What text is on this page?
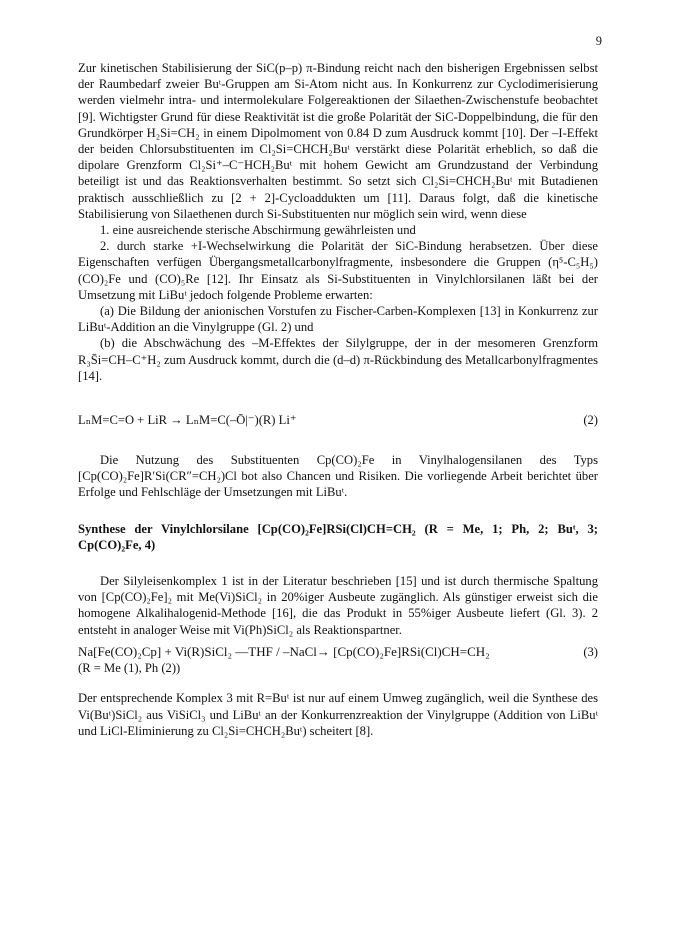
9

Zur kinetischen Stabilisierung der SiC(p–p) π-Bindung reicht nach den bisherigen Ergebnissen selbst der Raumbedarf zweier Buᵗ-Gruppen am Si-Atom nicht aus. In Konkurrenz zur Cyclodimerisierung werden vielmehr intra- und intermolekulare Folgereaktionen der Silaethen-Zwischenstufe beobachtet [9]. Wichtigster Grund für diese Reaktivität ist die große Polarität der SiC-Doppelbindung, die für den Grundkörper H₂Si=CH₂ in einem Dipolmoment von 0.84 D zum Ausdruck kommt [10]. Der –I-Effekt der beiden Chlorsubstituenten im Cl₂Si=CHCH₂Buᵗ verstärkt diese Polarität erheblich, so daß die dipolare Grenzform Cl₂Si⁺–C⁻HCH₂Buᵗ mit hohem Gewicht am Grundzustand der Verbindung beteiligt ist und das Reaktionsverhalten bestimmt. So setzt sich Cl₂Si=CHCH₂Buᵗ mit Butadienen praktisch ausschließlich zu [2 + 2]-Cycloaddukten um [11]. Daraus folgt, daß die kinetische Stabilisierung von Silaethenen durch Si-Substituenten nur möglich sein wird, wenn diese

1. eine ausreichende sterische Abschirmung gewährleisten und

2. durch starke +I-Wechselwirkung die Polarität der SiC-Bindung herabsetzen. Über diese Eigenschaften verfügen Übergangsmetallcarbonylfragmente, insbesondere die Gruppen (η⁵-C₅H₅)(CO)₂Fe und (CO)₅Re [12]. Ihr Einsatz als Si-Substituenten in Vinylchlorsilanen läßt bei der Umsetzung mit LiBuᵗ jedoch folgende Probleme erwarten:

(a) Die Bildung der anionischen Vorstufen zu Fischer-Carben-Komplexen [13] in Konkurrenz zur LiBuᵗ-Addition an die Vinylgruppe (Gl. 2) und

(b) die Abschwächung des –M-Effektes der Silylgruppe, der in der mesomeren Grenzform R₃S̄i=CH–C⁺H₂ zum Ausdruck kommt, durch die (d–d) π-Rückbindung des Metallcarbonylfragmentes [14].

LₙM=C=O + LiR → LₙM=C(–Ō|⁻)(R) Li⁺	(2)

Die Nutzung des Substituenten Cp(CO)₂Fe in Vinylhalogensilanen des Typs [Cp(CO)₂Fe]R′Si(CR″=CH₂)Cl bot also Chancen und Risiken. Die vorliegende Arbeit berichtet über Erfolge und Fehlschläge der Umsetzungen mit LiBuᵗ.

Synthese der Vinylchlorsilane [Cp(CO)₂Fe]RSi(Cl)CH=CH₂ (R = Me, 1; Ph, 2; Buᵗ, 3; Cp(CO)₂Fe, 4)

Der Silyleisenkomplex 1 ist in der Literatur beschrieben [15] und ist durch thermische Spaltung von [Cp(CO)₂Fe]₂ mit Me(Vi)SiCl₂ in 20%iger Ausbeute zugänglich. Als günstiger erweist sich die homogene Alkalihalogenid-Methode [16], die das Produkt in 55%iger Ausbeute liefert (Gl. 3). 2 entsteht in analoger Weise mit Vi(Ph)SiCl₂ als Reaktionspartner.

Na[Fe(CO)₂Cp] + Vi(R)SiCl₂ —THF / –NaCl→ [Cp(CO)₂Fe]RSi(Cl)CH=CH₂	(3)

(R = Me (1), Ph (2))

Der entsprechende Komplex 3 mit R=Buᵗ ist nur auf einem Umweg zugänglich, weil die Synthese des Vi(Buᵗ)SiCl₂ aus ViSiCl₃ und LiBuᵗ an der Konkurrenzreaktion der Vinylgruppe (Addition von LiBuᵗ und LiCl-Eliminierung zu Cl₂Si=CHCH₂Buᵗ) scheitert [8].
